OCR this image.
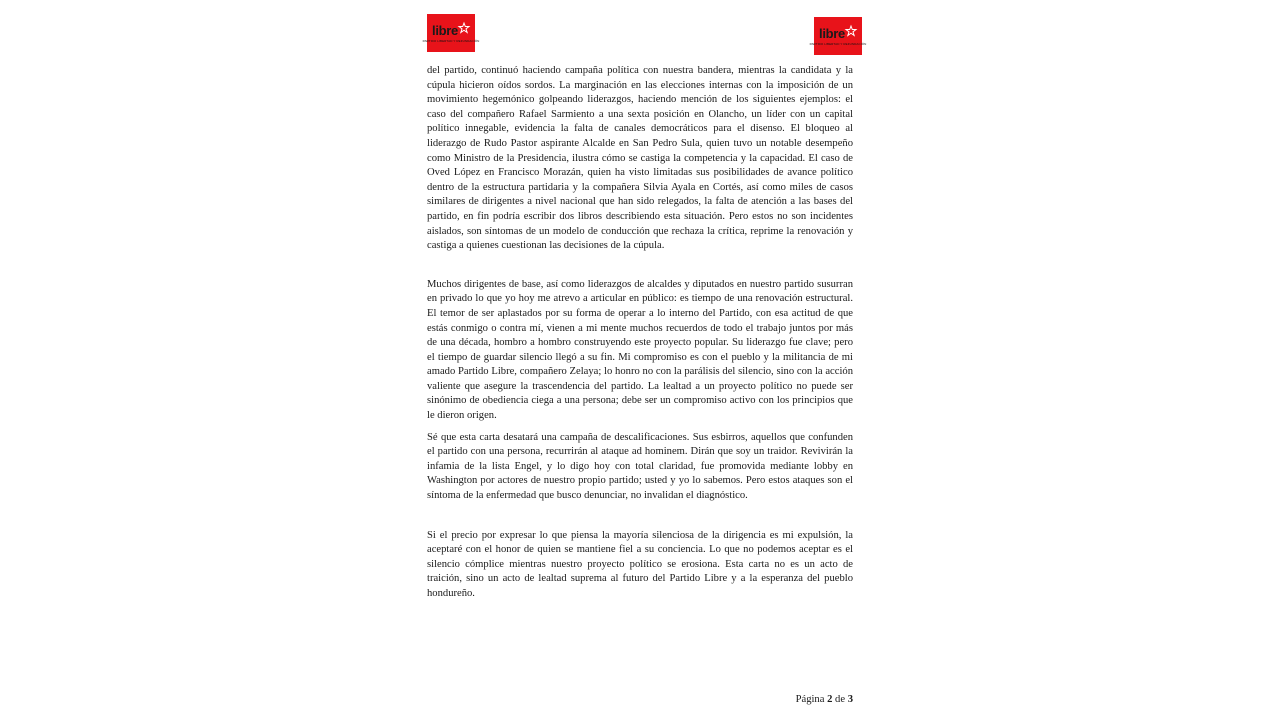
libre
PARTIDO LIBERTAD Y REFUNDACIÓN	libre
PARTIDO LIBERTAD Y REFUNDACIÓN

del partido, continuó haciendo campaña política con nuestra bandera, mientras la candidata y la cúpula hicieron oídos sordos. La marginación en las elecciones internas con la imposición de un movimiento hegemónico golpeando liderazgos, haciendo mención de los siguientes ejemplos: el caso del compañero Rafael Sarmiento a una sexta posición en Olancho, un líder con un capital político innegable, evidencia la falta de canales democráticos para el disenso. El bloqueo al liderazgo de Rudo Pastor aspirante Alcalde en San Pedro Sula, quien tuvo un notable desempeño como Ministro de la Presidencia, ilustra cómo se castiga la competencia y la capacidad. El caso de Oved López en Francisco Morazán, quien ha visto limitadas sus posibilidades de avance político dentro de la estructura partidaria y la compañera Silvia Ayala en Cortés, así como miles de casos similares de dirigentes a nivel nacional que han sido relegados, la falta de atención a las bases del partido, en fin podría escribir dos libros describiendo esta situación. Pero estos no son incidentes aislados, son síntomas de un modelo de conducción que rechaza la crítica, reprime la renovación y castiga a quienes cuestionan las decisiones de la cúpula.

Muchos dirigentes de base, así como liderazgos de alcaldes y diputados en nuestro partido susurran en privado lo que yo hoy me atrevo a articular en público: es tiempo de una renovación estructural. El temor de ser aplastados por su forma de operar a lo interno del Partido, con esa actitud de que estás conmigo o contra mí, vienen a mi mente muchos recuerdos de todo el trabajo juntos por más de una década, hombro a hombro construyendo este proyecto popular. Su liderazgo fue clave; pero el tiempo de guardar silencio llegó a su fin. Mi compromiso es con el pueblo y la militancia de mi amado Partido Libre, compañero Zelaya; lo honro no con la parálisis del silencio, sino con la acción valiente que asegure la trascendencia del partido. La lealtad a un proyecto político no puede ser sinónimo de obediencia ciega a una persona; debe ser un compromiso activo con los principios que le dieron origen.

Sé que esta carta desatará una campaña de descalificaciones. Sus esbirros, aquellos que confunden el partido con una persona, recurrirán al ataque ad hominem. Dirán que soy un traidor. Revivirán la infamia de la lista Engel, y lo digo hoy con total claridad, fue promovida mediante lobby en Washington por actores de nuestro propio partido; usted y yo lo sabemos. Pero estos ataques son el síntoma de la enfermedad que busco denunciar, no invalidan el diagnóstico.

Si el precio por expresar lo que piensa la mayoría silenciosa de la dirigencia es mi expulsión, la aceptaré con el honor de quien se mantiene fiel a su conciencia. Lo que no podemos aceptar es el silencio cómplice mientras nuestro proyecto político se erosiona. Esta carta no es un acto de traición, sino un acto de lealtad suprema al futuro del Partido Libre y a la esperanza del pueblo hondureño.

Página 2 de 3
